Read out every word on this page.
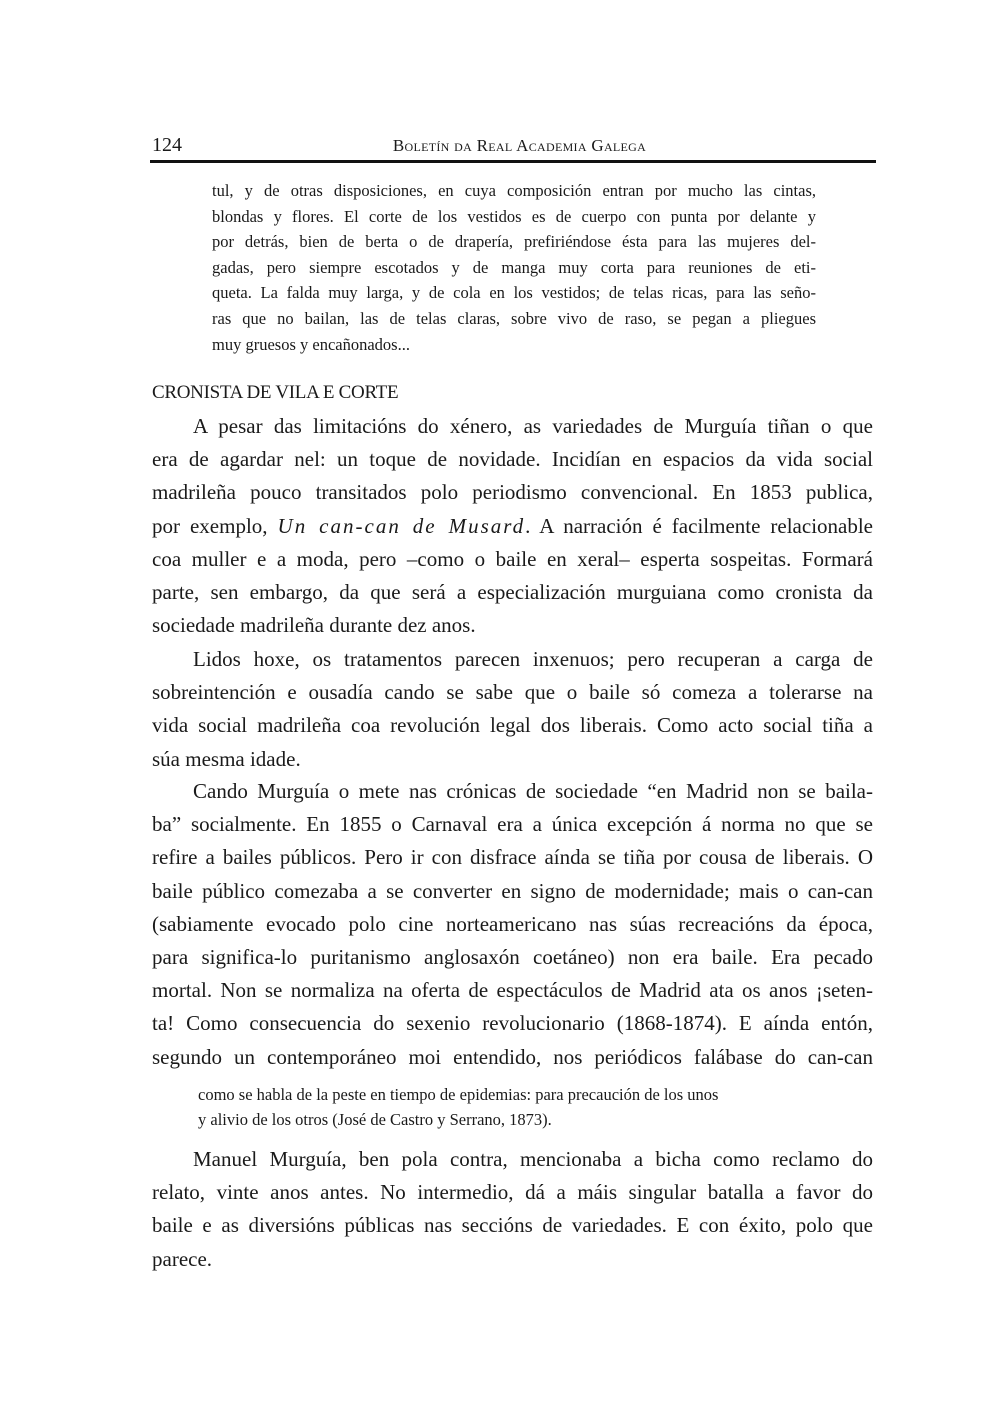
124	Boletín da Real Academia Galega
tul, y de otras disposiciones, en cuya composición entran por mucho las cintas,
blondas y flores. El corte de los vestidos es de cuerpo con punta por delante y
por detrás, bien de berta o de drapería, prefiriéndose ésta para las mujeres del-
gadas, pero siempre escotados y de manga muy corta para reuniones de eti-
queta. La falda muy larga, y de cola en los vestidos; de telas ricas, para las seño-
ras que no bailan, las de telas claras, sobre vivo de raso, se pegan a pliegues
muy gruesos y encañonados...
CRONISTA DE VILA E CORTE
A pesar das limitacións do xénero, as variedades de Murguía tiñan o que
era de agardar nel: un toque de novidade. Incidían en espacios da vida social
madrileña pouco transitados polo periodismo convencional. En 1853 publica,
por exemplo, Un can-can de Musard. A narración é facilmente relacionable
coa muller e a moda, pero –como o baile en xeral– esperta sospeitas. Formará
parte, sen embargo, da que será a especialización murguiana como cronista da
sociedade madrileña durante dez anos.
Lidos hoxe, os tratamentos parecen inxenuos; pero recuperan a carga de
sobreintención e ousadía cando se sabe que o baile só comeza a tolerarse na
vida social madrileña coa revolución legal dos liberais. Como acto social tiña a
súa mesma idade.
Cando Murguía o mete nas crónicas de sociedade “en Madrid non se baila-
ba” socialmente. En 1855 o Carnaval era a única excepción á norma no que se
refire a bailes públicos. Pero ir con disfrace aínda se tiña por cousa de liberais. O
baile público comezaba a se converter en signo de modernidade; mais o can-can
(sabiamente evocado polo cine norteamericano nas súas recreacións da época,
para significa-lo puritanismo anglosaxón coetáneo) non era baile. Era pecado
mortal. Non se normaliza na oferta de espectáculos de Madrid ata os anos ¡seten-
ta! Como consecuencia do sexenio revolucionario (1868-1874). E aínda entón,
segundo un contemporáneo moi entendido, nos periódicos falábase do can-can
como se habla de la peste en tiempo de epidemias: para precaución de los unos
y alivio de los otros (José de Castro y Serrano, 1873).
Manuel Murguía, ben pola contra, mencionaba a bicha como reclamo do
relato, vinte anos antes. No intermedio, dá a máis singular batalla a favor do
baile e as diversións públicas nas seccións de variedades. E con éxito, polo que
parece.
